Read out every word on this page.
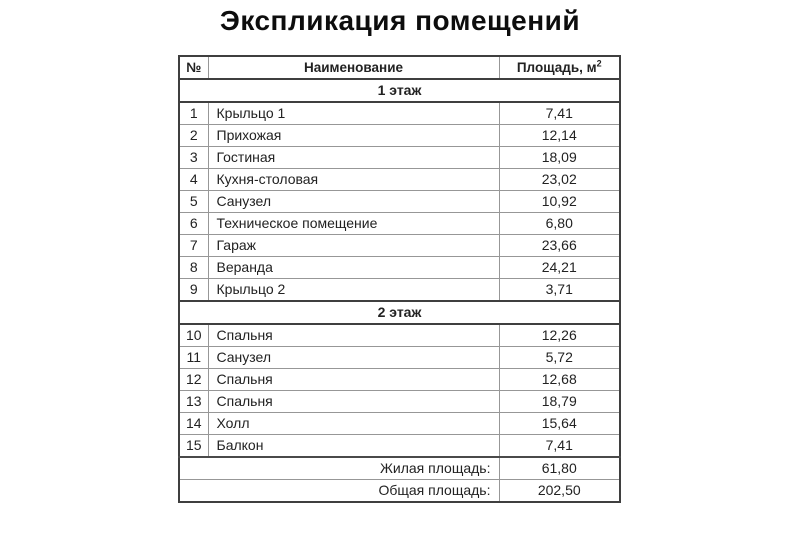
Экспликация помещений
№	Наименование	Площадь, $м^2$
1 этаж		
1	Крыльцо 1	7,41
2	Прихожая	12,14
3	Гостиная	18,09
4	Кухня-столовая	23,02
5	Санузел	10,92
6	Техническое помещение	6,80
7	Гараж	23,66
8	Веранда	24,21
9	Крыльцо 2	3,71
2 этаж		
10	Спальня	12,26
11	Санузел	5,72
12	Спальня	12,68
13	Спальня	18,79
14	Холл	15,64
15	Балкон	7,41
Жилая площадь:		61,80
Общая площадь:		202,50
